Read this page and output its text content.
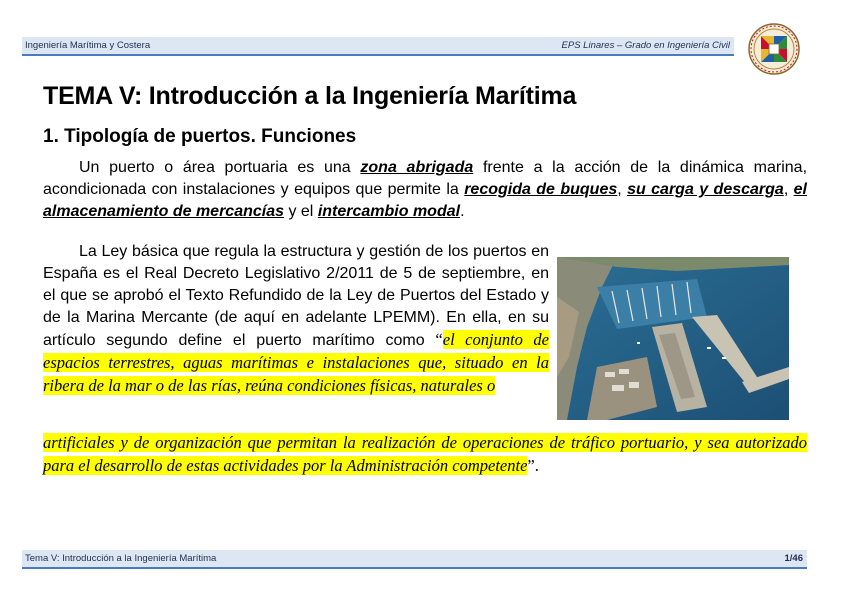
Ingeniería Marítima y Costera	EPS Linares – Grado en Ingeniería Civil
TEMA V: Introducción a la Ingeniería Marítima
1. Tipología de puertos. Funciones

Un puerto o área portuaria es una zona abrigada frente a la acción de la dinámica marina, acondicionada con instalaciones y equipos que permite la recogida de buques, su carga y descarga, el almacenamiento de mercancías y el intercambio modal.

La Ley básica que regula la estructura y gestión de los puertos en España es el Real Decreto Legislativo 2/2011 de 5 de septiembre, en el que se aprobó el Texto Refundido de la Ley de Puertos del Estado y de la Marina Mercante (de aquí en adelante LPEMM). En ella, en su artículo segundo define el puerto marítimo como “el conjunto de espacios terrestres, aguas marítimas e instalaciones que, situado en la ribera de la mar o de las rías, reúna condiciones físicas, naturales o

artificiales y de organización que permitan la realización de operaciones de tráfico portuario, y sea autorizado para el desarrollo de estas actividades por la Administración competente”.

Tema V: Introducción a la Ingeniería Marítima	1/46
